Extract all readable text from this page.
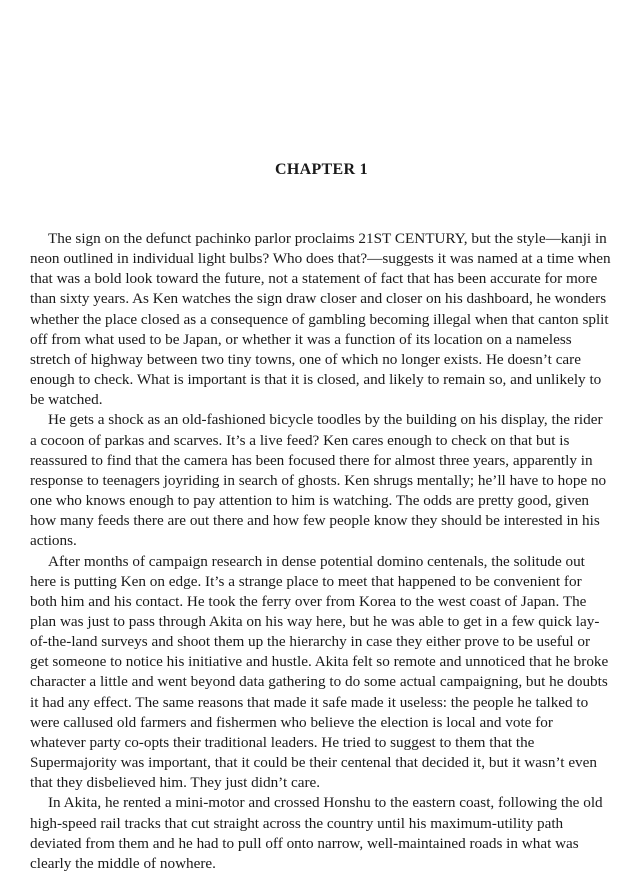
CHAPTER 1

The sign on the defunct pachinko parlor proclaims 21ST CENTURY, but the style—kanji in neon outlined in individual light bulbs? Who does that?—suggests it was named at a time when that was a bold look toward the future, not a statement of fact that has been accurate for more than sixty years. As Ken watches the sign draw closer and closer on his dashboard, he wonders whether the place closed as a consequence of gambling becoming illegal when that canton split off from what used to be Japan, or whether it was a function of its location on a nameless stretch of highway between two tiny towns, one of which no longer exists. He doesn’t care enough to check. What is important is that it is closed, and likely to remain so, and unlikely to be watched.

He gets a shock as an old-fashioned bicycle toodles by the building on his display, the rider a cocoon of parkas and scarves. It’s a live feed? Ken cares enough to check on that but is reassured to find that the camera has been focused there for almost three years, apparently in response to teenagers joyriding in search of ghosts. Ken shrugs mentally; he’ll have to hope no one who knows enough to pay attention to him is watching. The odds are pretty good, given how many feeds there are out there and how few people know they should be interested in his actions.

After months of campaign research in dense potential domino centenals, the solitude out here is putting Ken on edge. It’s a strange place to meet that happened to be convenient for both him and his contact. He took the ferry over from Korea to the west coast of Japan. The plan was just to pass through Akita on his way here, but he was able to get in a few quick lay-of-the-land surveys and shoot them up the hierarchy in case they either prove to be useful or get someone to notice his initiative and hustle. Akita felt so remote and unnoticed that he broke character a little and went beyond data gathering to do some actual campaigning, but he doubts it had any effect. The same reasons that made it safe made it useless: the people he talked to were callused old farmers and fishermen who believe the election is local and vote for whatever party co-opts their traditional leaders. He tried to suggest to them that the Supermajority was important, that it could be their centenal that decided it, but it wasn’t even that they disbelieved him. They just didn’t care.

In Akita, he rented a mini-motor and crossed Honshu to the eastern coast, following the old high-speed rail tracks that cut straight across the country until his maximum-utility path deviated from them and he had to pull off onto narrow, well-maintained roads in what was clearly the middle of nowhere.
